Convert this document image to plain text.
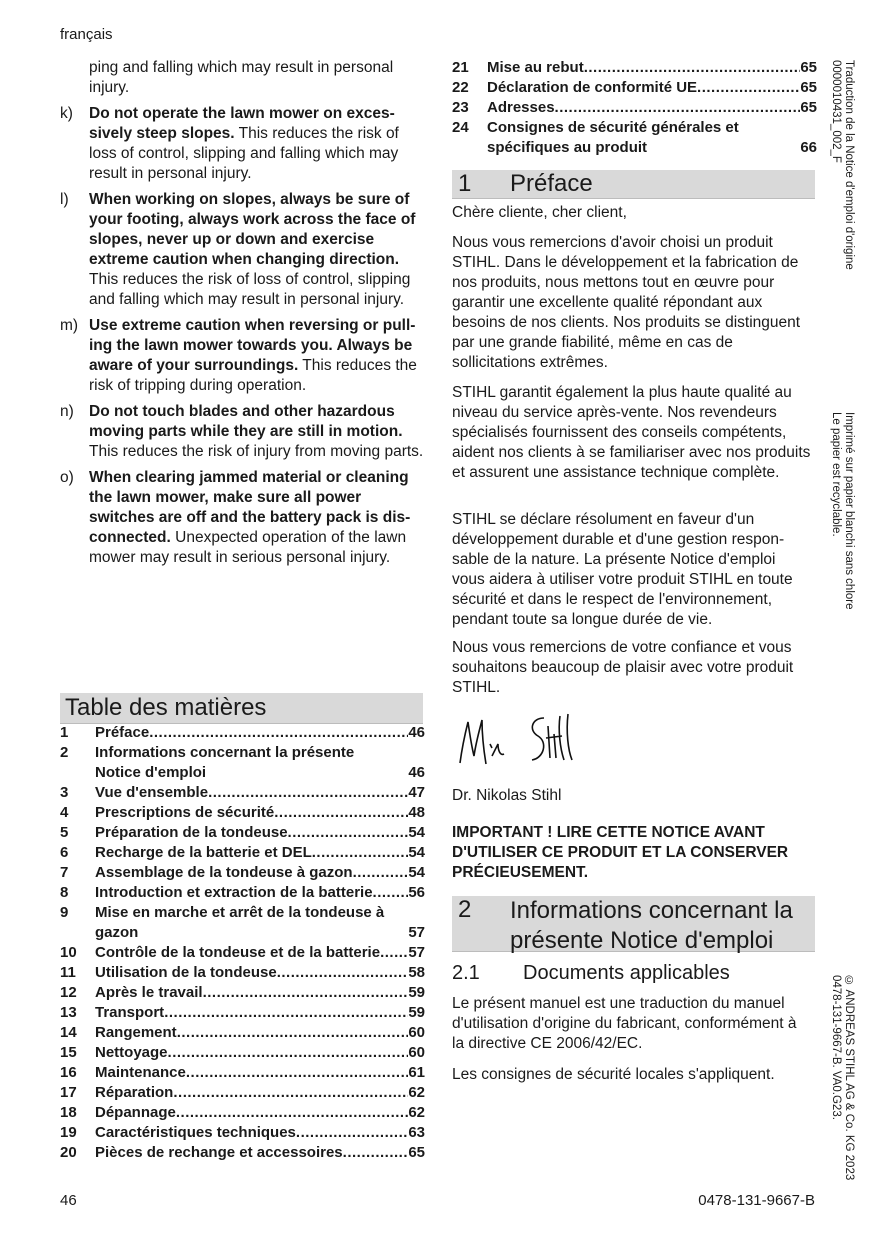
français
ping and falling which may result in personal injury.
k) Do not operate the lawn mower on excessively steep slopes. This reduces the risk of loss of control, slipping and falling which may result in personal injury.
l) When working on slopes, always be sure of your footing, always work across the face of slopes, never up or down and exercise extreme caution when changing direction. This reduces the risk of loss of control, slipping and falling which may result in personal injury.
m) Use extreme caution when reversing or pulling the lawn mower towards you. Always be aware of your surroundings. This reduces the risk of tripping during operation.
n) Do not touch blades and other hazardous moving parts while they are still in motion. This reduces the risk of injury from moving parts.
o) When clearing jammed material or cleaning the lawn mower, make sure all power switches are off and the battery pack is disconnected. Unexpected operation of the lawn mower may result in serious personal injury.
Table des matières
1	Préface .....	46
2 Informations concernant la présente Notice d'emploi	46
3	Vue d'ensemble .....	47
4	Prescriptions de sécurité .....	48
5	Préparation de la tondeuse .....	54
6	Recharge de la batterie et DEL .....	54
7	Assemblage de la tondeuse à gazon .....	54
8	Introduction et extraction de la batterie ..... 56
9 Mise en marche et arrêt de la tondeuse à gazon	57
10	Contrôle de la tondeuse et de la batterie ..... 57
11	Utilisation de la tondeuse .....	58
12	Après le travail .....	59
13	Transport .....	59
14	Rangement .....	60
15	Nettoyage .....	60
16	Maintenance .....	61
17	Réparation .....	62
18	Dépannage .....	62
19	Caractéristiques techniques .....	63
20	Pièces de rechange et accessoires .....	65
21	Mise au rebut .....	65
22	Déclaration de conformité UE .....	65
23	Adresses .....	65
24 Consignes de sécurité générales et spécifiques au produit	66
1 Préface
Chère cliente, cher client,
Nous vous remercions d'avoir choisi un produit STIHL. Dans le développement et la fabrication de nos produits, nous mettons tout en œuvre pour garantir une excellente qualité répondant aux besoins de nos clients. Nos produits se distinguent par une grande fiabilité, même en cas de sollicitations extrêmes.
STIHL garantit également la plus haute qualité au niveau du service après-vente. Nos revendeurs spécialisés fournissent des conseils compétents, aident nos clients à se familiariser avec nos produits et assurent une assistance technique complète.
STIHL se déclare résolument en faveur d'un développement durable et d'une gestion responsable de la nature. La présente Notice d'emploi vous aidera à utiliser votre produit STIHL en toute sécurité et dans le respect de l'environnement, pendant toute sa longue durée de vie.
Nous vous remercions de votre confiance et vous souhaitons beaucoup de plaisir avec votre produit STIHL.
Dr. Nikolas Stihl
IMPORTANT ! LIRE CETTE NOTICE AVANT D'UTILISER CE PRODUIT ET LA CONSERVER PRÉCIEUSEMENT.
2 Informations concernant la présente Notice d'emploi
2.1 Documents applicables
Le présent manuel est une traduction du manuel d'utilisation d'origine du fabricant, conformément à la directive CE 2006/42/EC.
Les consignes de sécurité locales s'appliquent.
Traduction de la Notice d'emploi d'origine
0000010431_002_F
Imprimé sur papier blanchi sans chlore
Le papier est recyclable.
© ANDREAS STIHL AG & Co. KG 2023
0478-131-9667-B. VA0.G23.
46	0478-131-9667-B
